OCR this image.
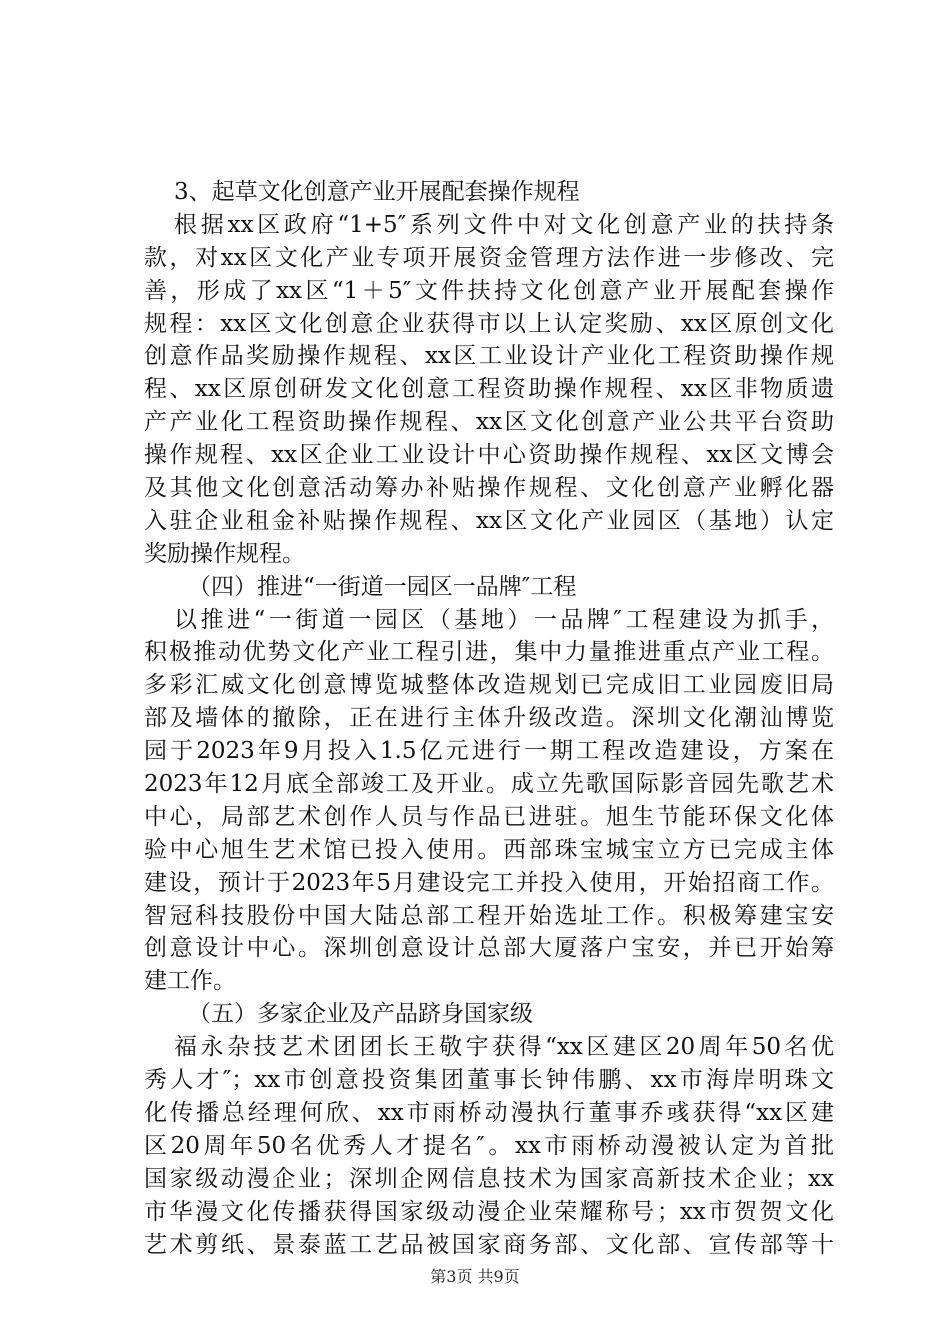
3、起草文化创意产业开展配套操作规程
根据xx区政府“1+5″系列文件中对文化创意产业的扶持条
款，对xx区文化产业专项开展资金管理方法作进一步修改、完
善，形成了xx区“1＋5″文件扶持文化创意产业开展配套操作
规程：xx区文化创意企业获得市以上认定奖励、xx区原创文化
创意作品奖励操作规程、xx区工业设计产业化工程资助操作规
程、xx区原创研发文化创意工程资助操作规程、xx区非物质遗
产产业化工程资助操作规程、xx区文化创意产业公共平台资助
操作规程、xx区企业工业设计中心资助操作规程、xx区文博会
及其他文化创意活动筹办补贴操作规程、文化创意产业孵化器
入驻企业租金补贴操作规程、xx区文化产业园区（基地）认定
奖励操作规程。
（四）推进“一街道一园区一品牌″工程
以推进“一街道一园区（基地）一品牌″工程建设为抓手，
积极推动优势文化产业工程引进，集中力量推进重点产业工程。
多彩汇威文化创意博览城整体改造规划已完成旧工业园废旧局
部及墙体的撤除，正在进行主体升级改造。深圳文化潮汕博览
园于2023年9月投入1.5亿元进行一期工程改造建设，方案在
2023年12月底全部竣工及开业。成立先歌国际影音园先歌艺术
中心，局部艺术创作人员与作品已进驻。旭生节能环保文化体
验中心旭生艺术馆已投入使用。西部珠宝城宝立方已完成主体
建设，预计于2023年5月建设完工并投入使用，开始招商工作。
智冠科技股份中国大陆总部工程开始选址工作。积极筹建宝安
创意设计中心。深圳创意设计总部大厦落户宝安，并已开始筹
建工作。
（五）多家企业及产品跻身国家级
福永杂技艺术团团长王敬宇获得“xx区建区20周年50名优
秀人才″；xx市创意投资集团董事长钟伟鹏、xx市海岸明珠文
化传播总经理何欣、xx市雨桥动漫执行董事乔彧获得“xx区建
区20周年50名优秀人才提名″。xx市雨桥动漫被认定为首批
国家级动漫企业；深圳企网信息技术为国家高新技术企业；xx
市华漫文化传播获得国家级动漫企业荣耀称号；xx市贺贺文化
艺术剪纸、景泰蓝工艺品被国家商务部、文化部、宣传部等十
第3页 共9页
